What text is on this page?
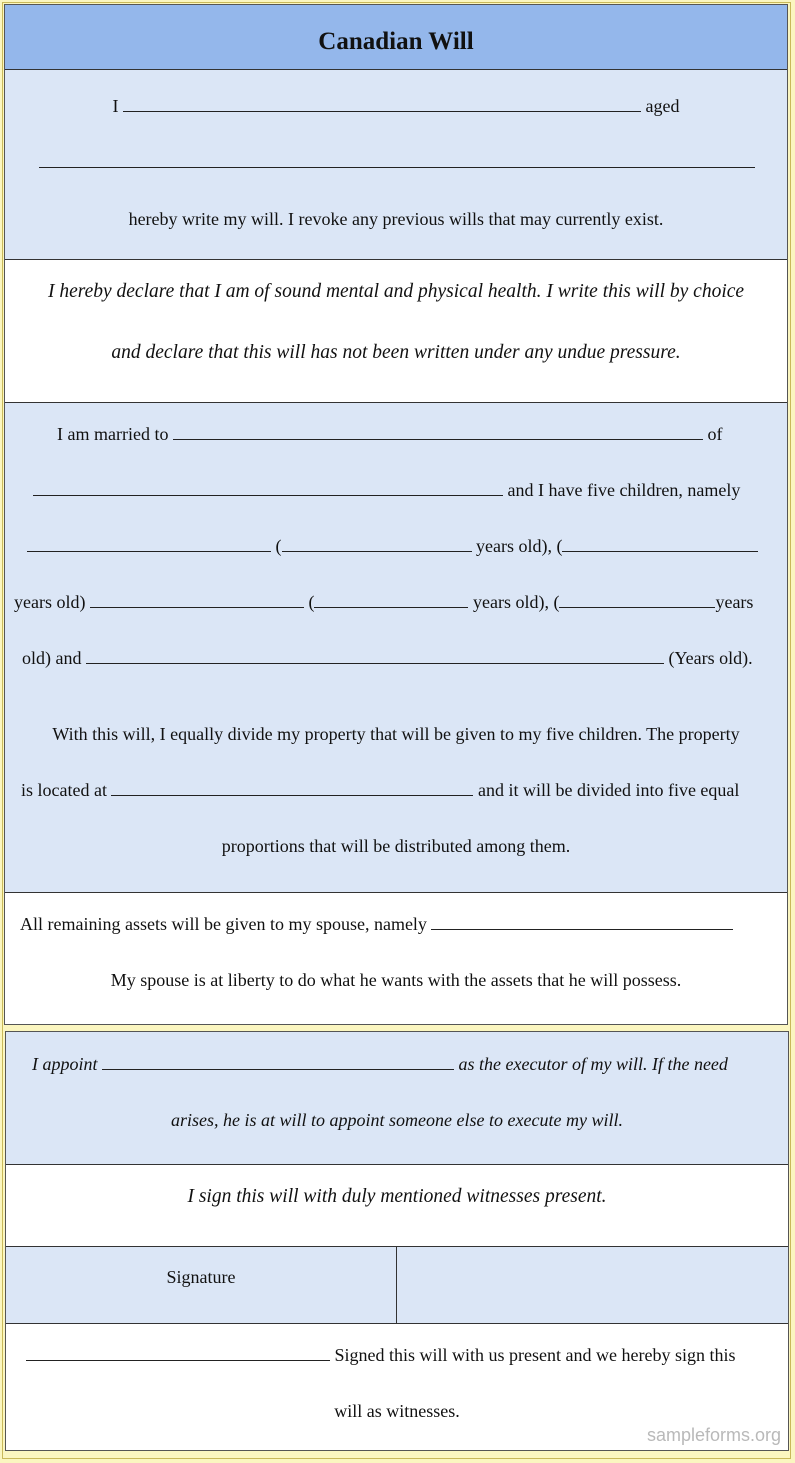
Canadian Will
I	aged
hereby write my will. I revoke any previous wills that may currently exist.
I hereby declare that I am of sound mental and physical health. I write this will by choice
and declare that this will has not been written under any undue pressure.
I am married to	of
and I have five children, namely
(	years old), (
years old)	(	years old), (	years
old) and	(Years old).
With this will, I equally divide my property that will be given to my five children. The property
is located at	and it will be divided into five equal
proportions that will be distributed among them.
All remaining assets will be given to my spouse, namely
My spouse is at liberty to do what he wants with the assets that he will possess.
I appoint	as the executor of my will. If the need
arises, he is at will to appoint someone else to execute my will.
I sign this will with duly mentioned witnesses present.
Signature
Signed this will with us present and we hereby sign this
will as witnesses.
sampleforms.org
